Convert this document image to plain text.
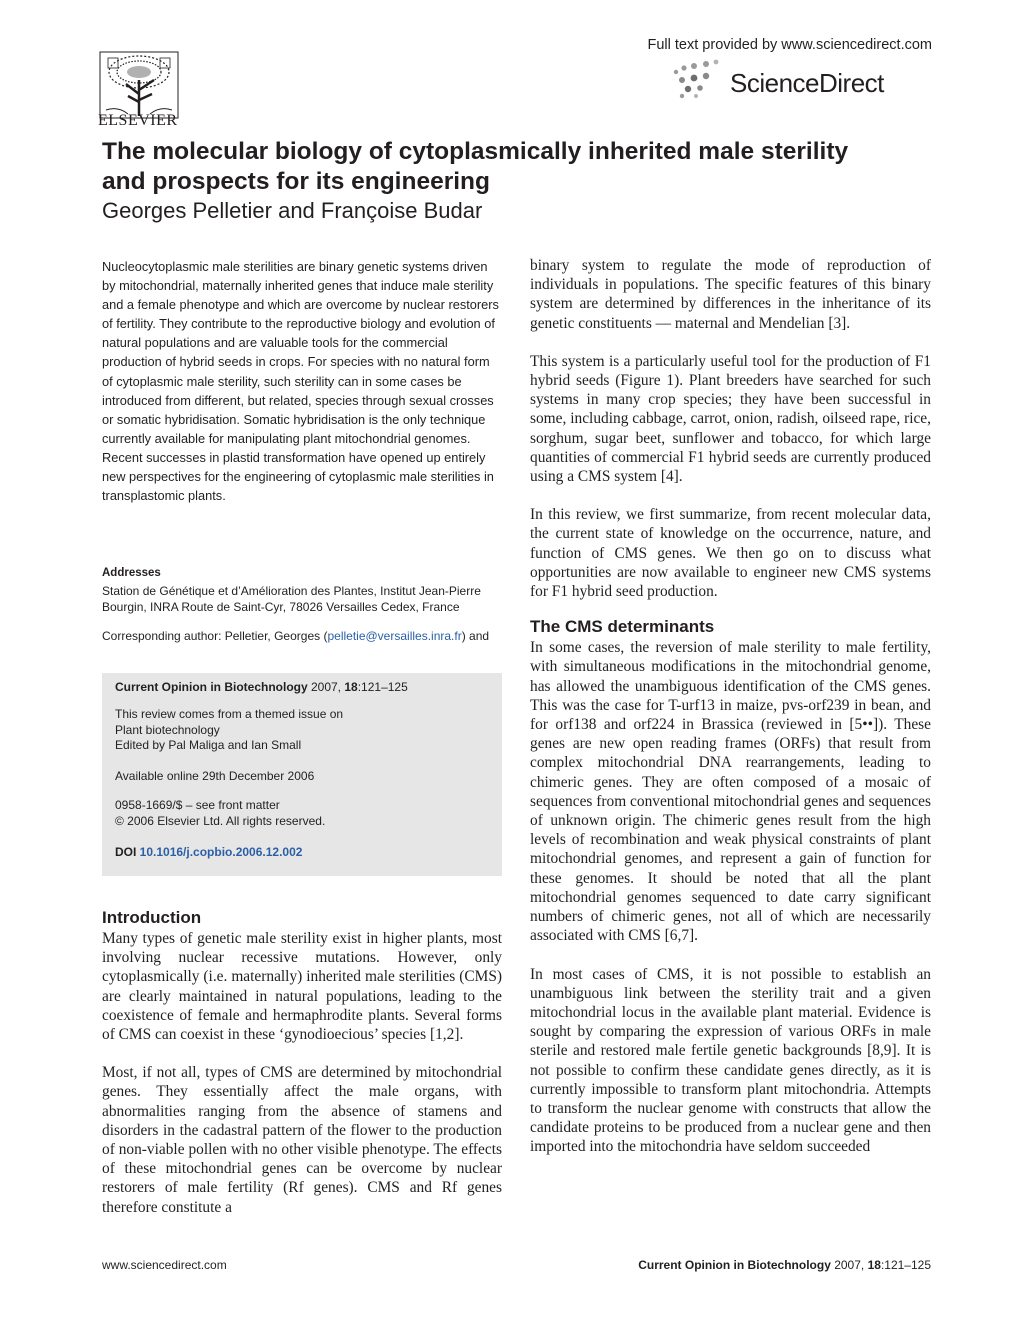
ELSEVIER
Full text provided by www.sciencedirect.com
ScienceDirect
The molecular biology of cytoplasmically inherited male sterility and prospects for its engineering
Georges Pelletier and Françoise Budar
Nucleocytoplasmic male sterilities are binary genetic systems driven by mitochondrial, maternally inherited genes that induce male sterility and a female phenotype and which are overcome by nuclear restorers of fertility. They contribute to the reproductive biology and evolution of natural populations and are valuable tools for the commercial production of hybrid seeds in crops. For species with no natural form of cytoplasmic male sterility, such sterility can in some cases be introduced from different, but related, species through sexual crosses or somatic hybridisation. Somatic hybridisation is the only technique currently available for manipulating plant mitochondrial genomes. Recent successes in plastid transformation have opened up entirely new perspectives for the engineering of cytoplasmic male sterilities in transplastomic plants.
Addresses
Station de Génétique et d’Amélioration des Plantes, Institut Jean-Pierre Bourgin, INRA Route de Saint-Cyr, 78026 Versailles Cedex, France
Corresponding author: Pelletier, Georges (pelletie@versailles.inra.fr) and
Current Opinion in Biotechnology 2007, 18:121–125
This review comes from a themed issue on
Plant biotechnology
Edited by Pal Maliga and Ian Small
Available online 29th December 2006
0958-1669/$ – see front matter
© 2006 Elsevier Ltd. All rights reserved.
DOI 10.1016/j.copbio.2006.12.002
Introduction

Many types of genetic male sterility exist in higher plants, most involving nuclear recessive mutations. However, only cytoplasmically (i.e. maternally) inherited male sterilities (CMS) are clearly maintained in natural populations, leading to the coexistence of female and hermaphrodite plants. Several forms of CMS can coexist in these ‘gynodioecious’ species [1,2].

Most, if not all, types of CMS are determined by mitochondrial genes. They essentially affect the male organs, with abnormalities ranging from the absence of stamens and disorders in the cadastral pattern of the flower to the production of non-viable pollen with no other visible phenotype. The effects of these mitochondrial genes can be overcome by nuclear restorers of male fertility (Rf genes). CMS and Rf genes therefore constitute a

binary system to regulate the mode of reproduction of individuals in populations. The specific features of this binary system are determined by differences in the inheritance of its genetic constituents — maternal and Mendelian [3].

This system is a particularly useful tool for the production of F1 hybrid seeds (Figure 1). Plant breeders have searched for such systems in many crop species; they have been successful in some, including cabbage, carrot, onion, radish, oilseed rape, rice, sorghum, sugar beet, sunflower and tobacco, for which large quantities of commercial F1 hybrid seeds are currently produced using a CMS system [4].

In this review, we first summarize, from recent molecular data, the current state of knowledge on the occurrence, nature, and function of CMS genes. We then go on to discuss what opportunities are now available to engineer new CMS systems for F1 hybrid seed production.

The CMS determinants

In some cases, the reversion of male sterility to male fertility, with simultaneous modifications in the mitochondrial genome, has allowed the unambiguous identification of the CMS genes. This was the case for T-urf13 in maize, pvs-orf239 in bean, and for orf138 and orf224 in Brassica (reviewed in [5••]). These genes are new open reading frames (ORFs) that result from complex mitochondrial DNA rearrangements, leading to chimeric genes. They are often composed of a mosaic of sequences from conventional mitochondrial genes and sequences of unknown origin. The chimeric genes result from the high levels of recombination and weak physical constraints of plant mitochondrial genomes, and represent a gain of function for these genomes. It should be noted that all the plant mitochondrial genomes sequenced to date carry significant numbers of chimeric genes, not all of which are necessarily associated with CMS [6,7].

In most cases of CMS, it is not possible to establish an unambiguous link between the sterility trait and a given mitochondrial locus in the available plant material. Evidence is sought by comparing the expression of various ORFs in male sterile and restored male fertile genetic backgrounds [8,9]. It is not possible to confirm these candidate genes directly, as it is currently impossible to transform plant mitochondria. Attempts to transform the nuclear genome with constructs that allow the candidate proteins to be produced from a nuclear gene and then imported into the mitochondria have seldom succeeded

www.sciencedirect.com	Current Opinion in Biotechnology 2007, 18:121–125
